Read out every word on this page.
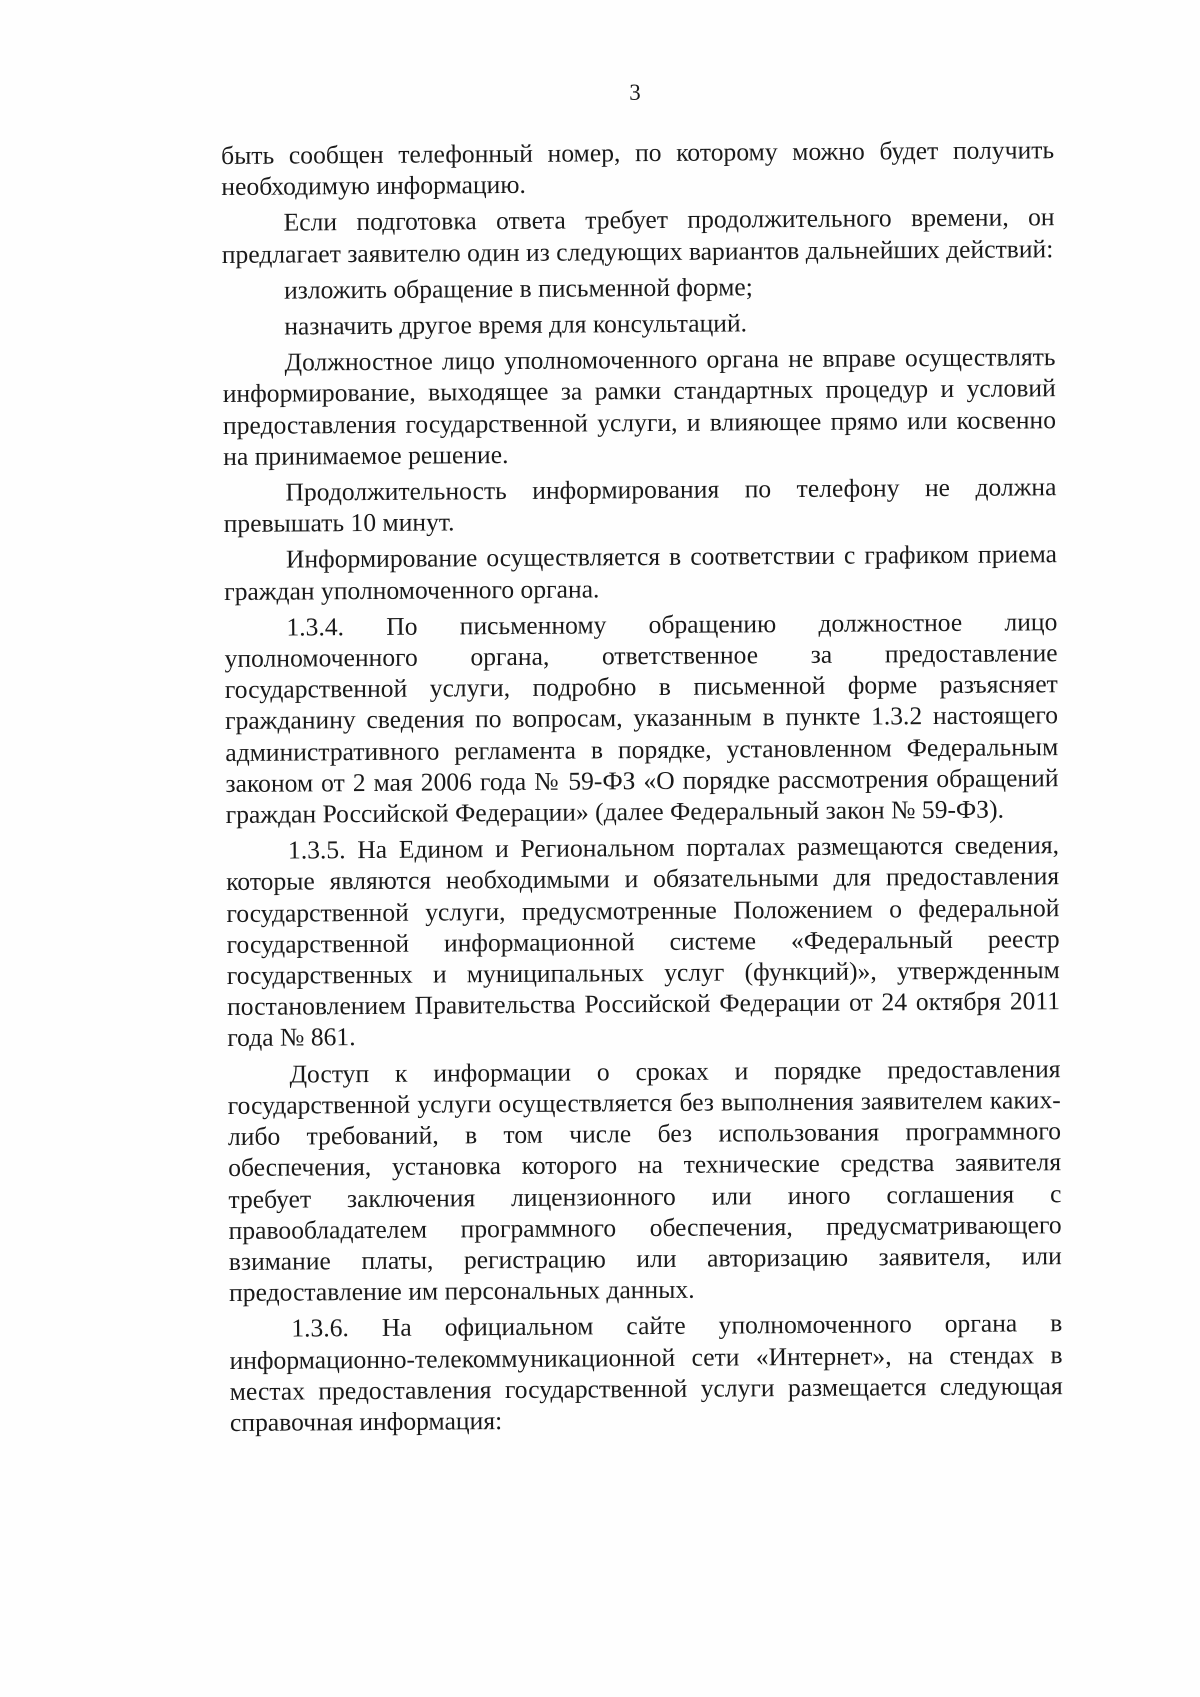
3

быть сообщен телефонный номер, по которому можно будет получить необходимую информацию.

Если подготовка ответа требует продолжительного времени, он предлагает заявителю один из следующих вариантов дальнейших действий:

изложить обращение в письменной форме;

назначить другое время для консультаций.

Должностное лицо уполномоченного органа не вправе осуществлять информирование, выходящее за рамки стандартных процедур и условий предоставления государственной услуги, и влияющее прямо или косвенно на принимаемое решение.

Продолжительность информирования по телефону не должна превышать 10 минут.

Информирование осуществляется в соответствии с графиком приема граждан уполномоченного органа.

1.3.4. По письменному обращению должностное лицо уполномоченного органа, ответственное за предоставление государственной услуги, подробно в письменной форме разъясняет гражданину сведения по вопросам, указанным в пункте 1.3.2 настоящего административного регламента в порядке, установленном Федеральным законом от 2 мая 2006 года № 59-ФЗ «О порядке рассмотрения обращений граждан Российской Федерации» (далее Федеральный закон № 59-ФЗ).

1.3.5. На Едином и Региональном порталах размещаются сведения, которые являются необходимыми и обязательными для предоставления государственной услуги, предусмотренные Положением о федеральной государственной информационной системе «Федеральный реестр государственных и муниципальных услуг (функций)», утвержденным постановлением Правительства Российской Федерации от 24 октября 2011 года № 861.

Доступ к информации о сроках и порядке предоставления государственной услуги осуществляется без выполнения заявителем каких-либо требований, в том числе без использования программного обеспечения, установка которого на технические средства заявителя требует заключения лицензионного или иного соглашения с правообладателем программного обеспечения, предусматривающего взимание платы, регистрацию или авторизацию заявителя, или предоставление им персональных данных.

1.3.6. На официальном сайте уполномоченного органа в информационно-телекоммуникационной сети «Интернет», на стендах в местах предоставления государственной услуги размещается следующая справочная информация:
